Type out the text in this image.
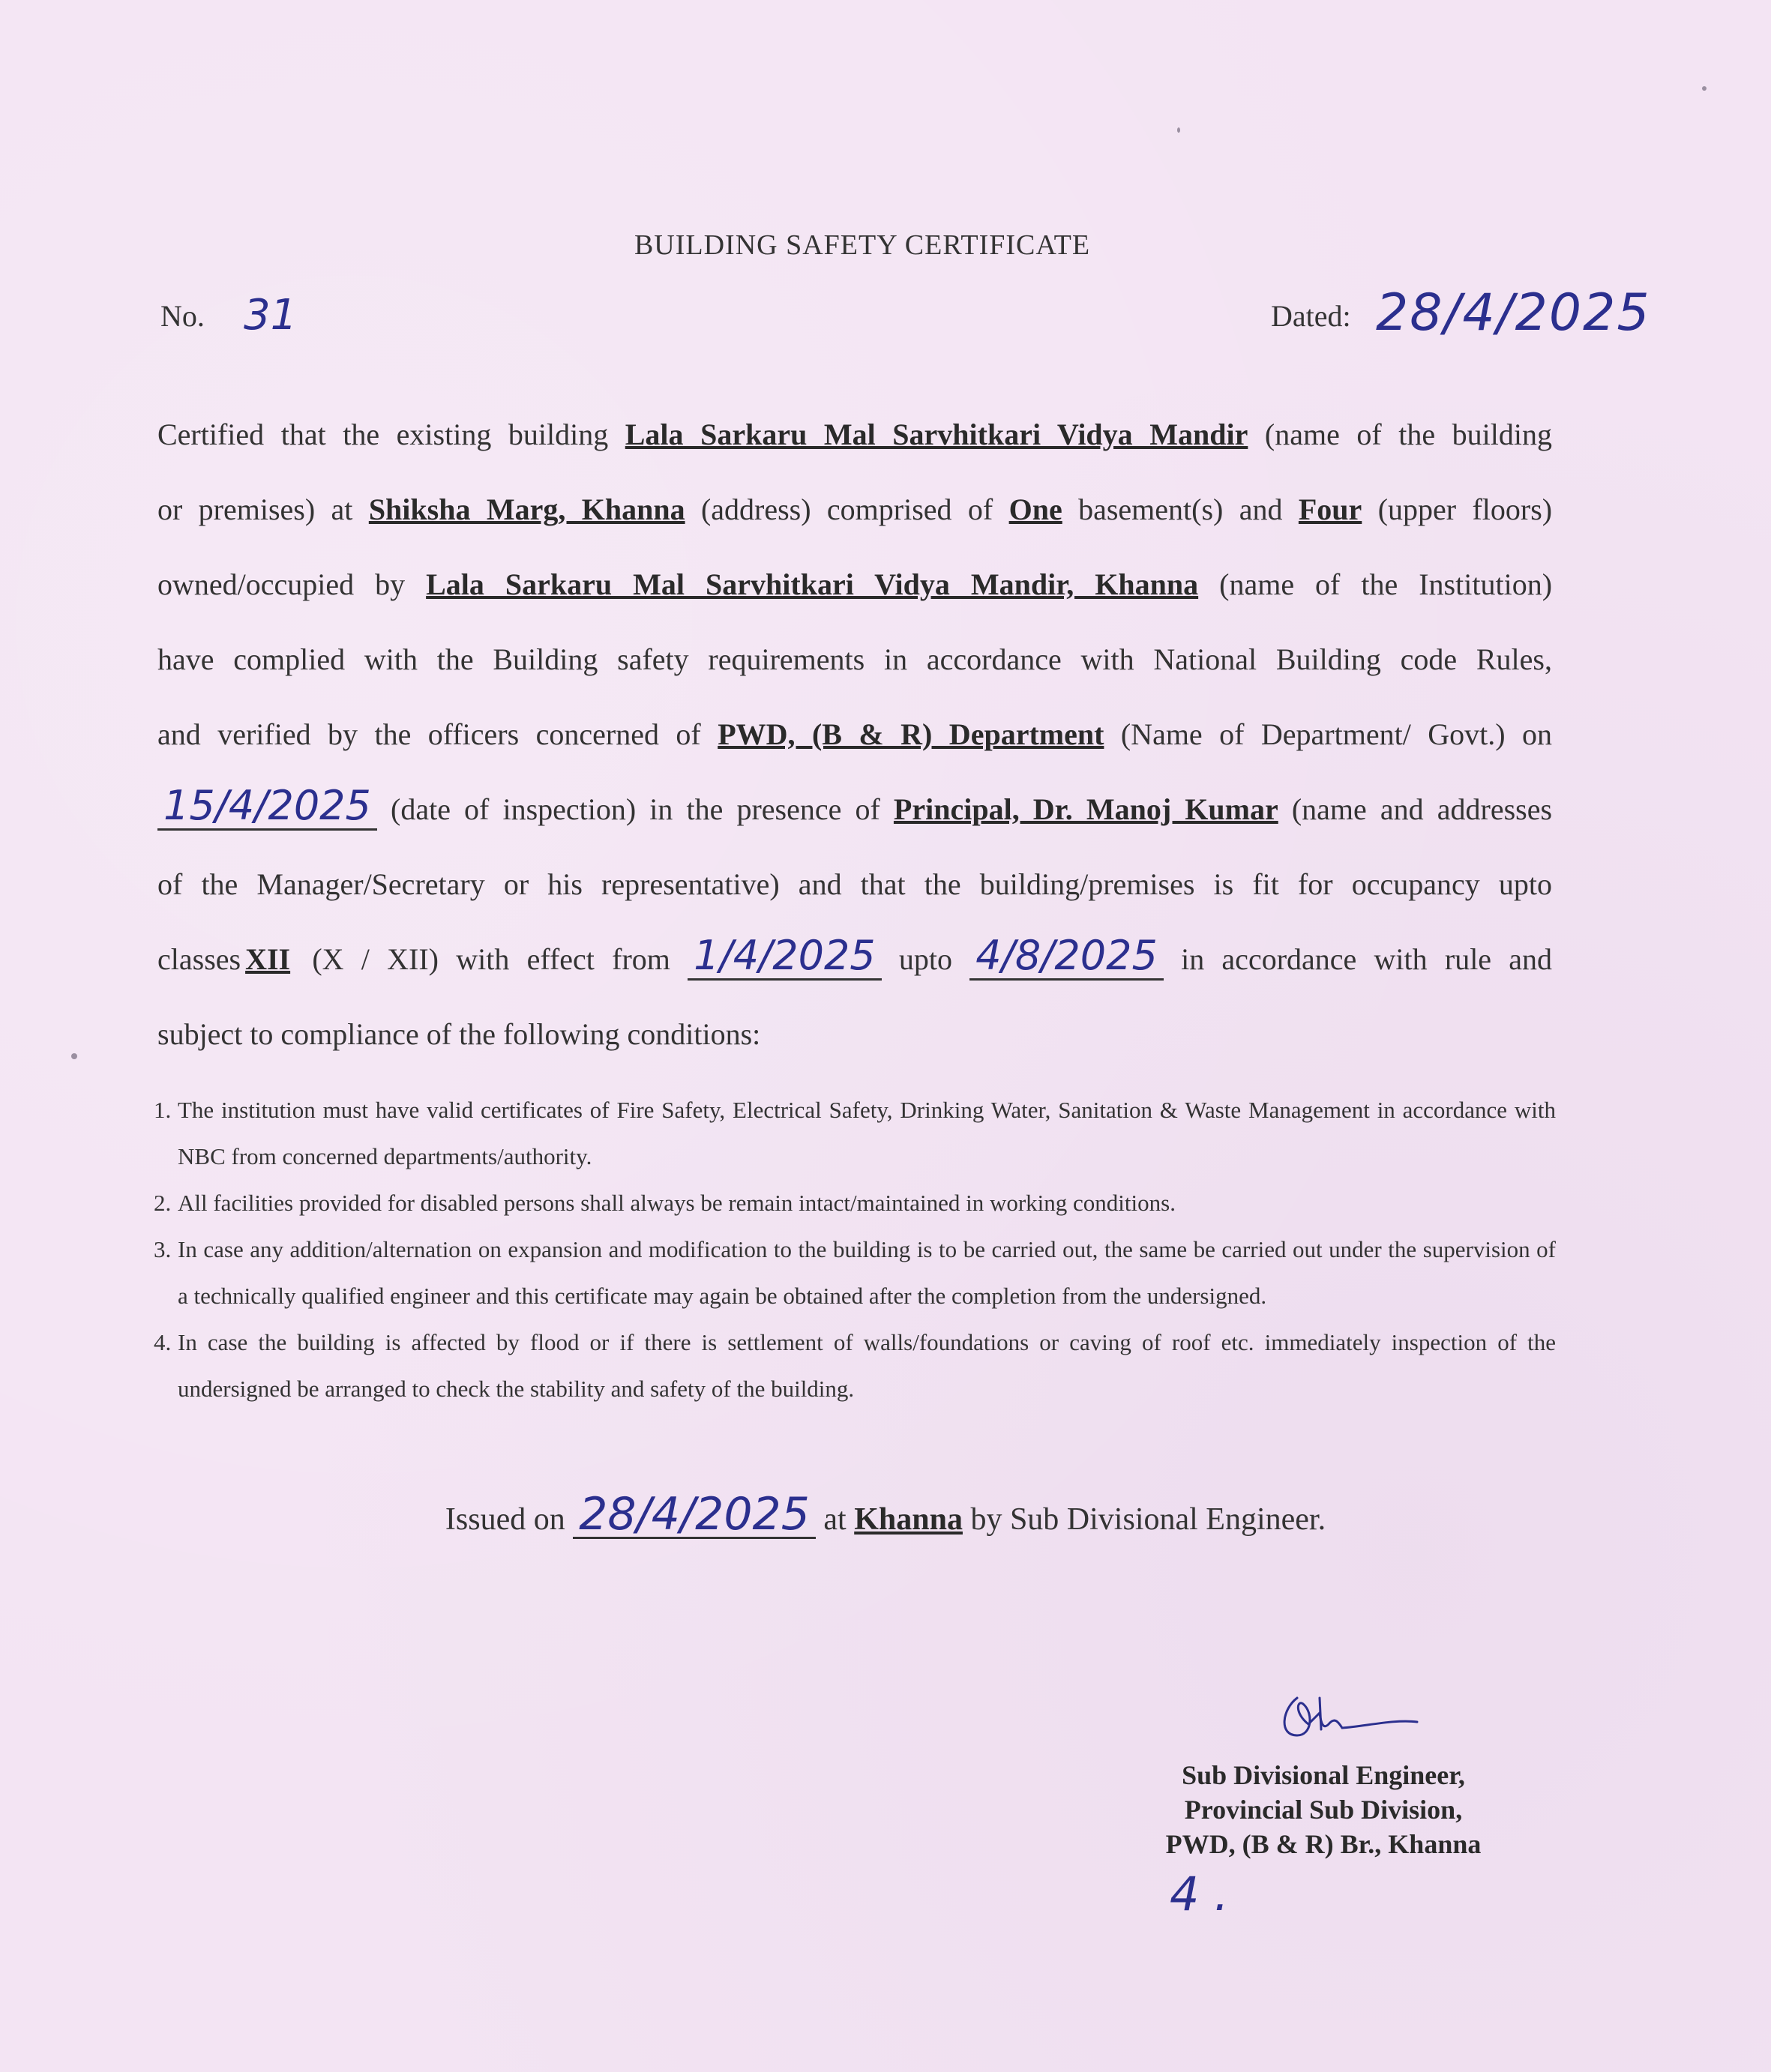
BUILDING SAFETY CERTIFICATE
No. 31	Dated: 28/4/2025
Certified that the existing building Lala Sarkaru Mal Sarvhitkari Vidya Mandir (name of the building
or premises) at Shiksha Marg, Khanna (address) comprised of One basement(s) and Four (upper floors)
owned/occupied by Lala Sarkaru Mal Sarvhitkari Vidya Mandir, Khanna (name of the Institution)
have complied with the Building safety requirements in accordance with National Building code Rules,
and verified by the officers concerned of PWD, (B & R) Department (Name of Department/ Govt.) on
15/4/2025 (date of inspection) in the presence of Principal, Dr. Manoj Kumar (name and addresses
of the Manager/Secretary or his representative) and that the building/premises is fit for occupancy upto
classes XII (X / XII) with effect from 1/4/2025 upto 4/8/2025 in accordance with rule and
subject to compliance of the following conditions:
1. The institution must have valid certificates of Fire Safety, Electrical Safety, Drinking Water, Sanitation & Waste Management in accordance with NBC from concerned departments/authority.
2. All facilities provided for disabled persons shall always be remain intact/maintained in working conditions.
3. In case any addition/alternation on expansion and modification to the building is to be carried out, the same be carried out under the supervision of a technically qualified engineer and this certificate may again be obtained after the completion from the undersigned.
4. In case the building is affected by flood or if there is settlement of walls/foundations or caving of roof etc. immediately inspection of the undersigned be arranged to check the stability and safety of the building.
Issued on 28/4/2025 at Khanna by Sub Divisional Engineer.
Sub Divisional Engineer,
Provincial Sub Division,
PWD, (B & R) Br., Khanna
4 .
